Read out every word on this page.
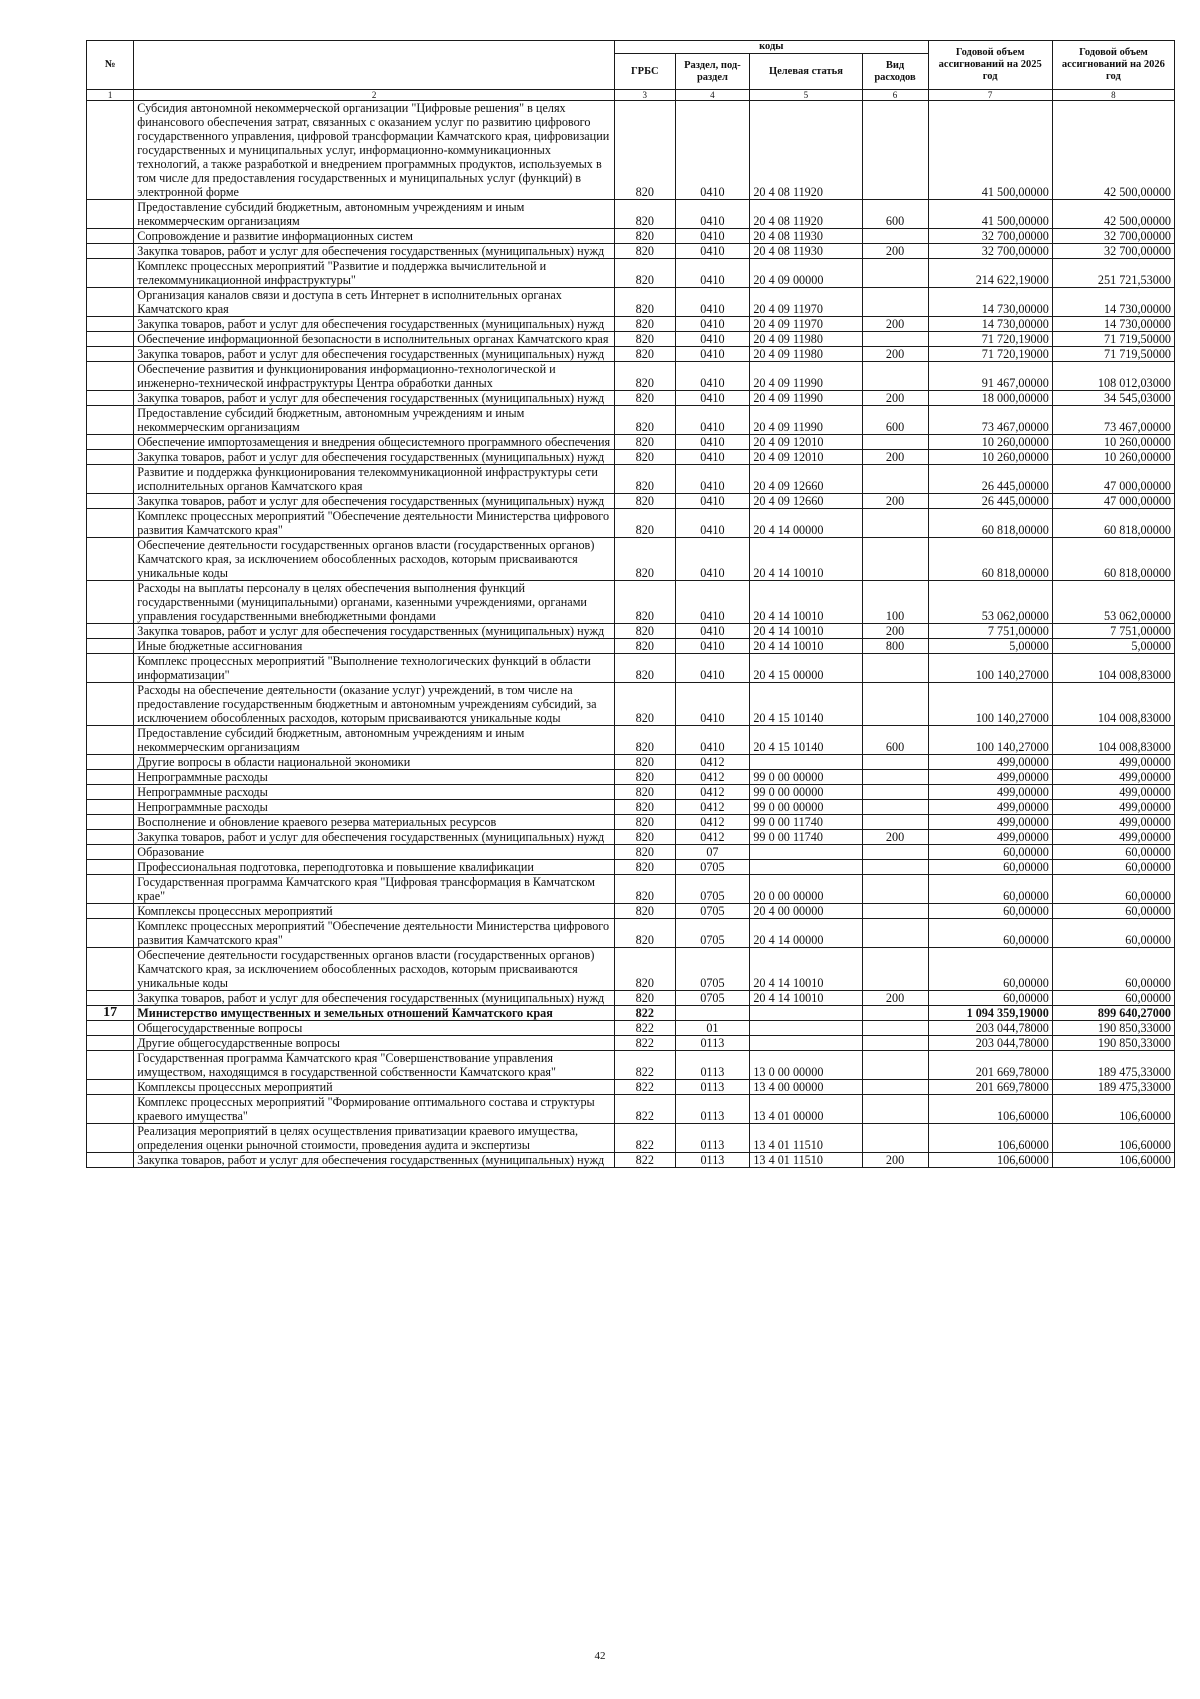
№		коды				Годовой объем ассигнований на 2025 год	Годовой объем ассигнований на 2026 год
		ГРБС	Раздел, под-раздел	Целевая статья	Вид расходов		
1	2	3	4	5	6	7	8
	Субсидия автономной некоммерческой организации "Цифровые решения" в целях финансового обеспечения затрат, связанных с оказанием услуг по развитию цифрового государственного управления, цифровой трансформации Камчатского края, цифровизации государственных и муниципальных услуг, информационно-коммуникационных технологий, а также разработкой и внедрением программных продуктов, используемых в том числе для предоставления государственных и муниципальных услуг (функций) в электронной форме	820	0410	20 4 08 11920		41 500,00000	42 500,00000
	Предоставление субсидий бюджетным, автономным учреждениям и иным некоммерческим организациям	820	0410	20 4 08 11920	600	41 500,00000	42 500,00000
	Сопровождение и развитие информационных систем	820	0410	20 4 08 11930		32 700,00000	32 700,00000
	Закупка товаров, работ и услуг для обеспечения государственных (муниципальных) нужд	820	0410	20 4 08 11930	200	32 700,00000	32 700,00000
	Комплекс процессных мероприятий "Развитие и поддержка вычислительной и телекоммуникационной инфраструктуры"	820	0410	20 4 09 00000		214 622,19000	251 721,53000
	Организация каналов связи и доступа в сеть Интернет в исполнительных органах Камчатского края	820	0410	20 4 09 11970		14 730,00000	14 730,00000
	Закупка товаров, работ и услуг для обеспечения государственных (муниципальных) нужд	820	0410	20 4 09 11970	200	14 730,00000	14 730,00000
	Обеспечение информационной безопасности в исполнительных органах Камчатского края	820	0410	20 4 09 11980		71 720,19000	71 719,50000
	Закупка товаров, работ и услуг для обеспечения государственных (муниципальных) нужд	820	0410	20 4 09 11980	200	71 720,19000	71 719,50000
	Обеспечение развития и функционирования информационно-технологической и инженерно-технической инфраструктуры Центра обработки данных	820	0410	20 4 09 11990		91 467,00000	108 012,03000
	Закупка товаров, работ и услуг для обеспечения государственных (муниципальных) нужд	820	0410	20 4 09 11990	200	18 000,00000	34 545,03000
	Предоставление субсидий бюджетным, автономным учреждениям и иным некоммерческим организациям	820	0410	20 4 09 11990	600	73 467,00000	73 467,00000
	Обеспечение импортозамещения и внедрения общесистемного программного обеспечения	820	0410	20 4 09 12010		10 260,00000	10 260,00000
	Закупка товаров, работ и услуг для обеспечения государственных (муниципальных) нужд	820	0410	20 4 09 12010	200	10 260,00000	10 260,00000
	Развитие и поддержка функционирования телекоммуникационной инфраструктуры сети исполнительных органов Камчатского края	820	0410	20 4 09 12660		26 445,00000	47 000,00000
	Закупка товаров, работ и услуг для обеспечения государственных (муниципальных) нужд	820	0410	20 4 09 12660	200	26 445,00000	47 000,00000
	Комплекс процессных мероприятий "Обеспечение деятельности Министерства цифрового развития Камчатского края"	820	0410	20 4 14 00000		60 818,00000	60 818,00000
	Обеспечение деятельности государственных органов власти (государственных органов) Камчатского края, за исключением обособленных расходов, которым присваиваются уникальные коды	820	0410	20 4 14 10010		60 818,00000	60 818,00000
	Расходы на выплаты персоналу в целях обеспечения выполнения функций государственными (муниципальными) органами, казенными учреждениями, органами управления государственными внебюджетными фондами	820	0410	20 4 14 10010	100	53 062,00000	53 062,00000
	Закупка товаров, работ и услуг для обеспечения государственных (муниципальных) нужд	820	0410	20 4 14 10010	200	7 751,00000	7 751,00000
	Иные бюджетные ассигнования	820	0410	20 4 14 10010	800	5,00000	5,00000
	Комплекс процессных мероприятий "Выполнение технологических функций в области информатизации"	820	0410	20 4 15 00000		100 140,27000	104 008,83000
	Расходы на обеспечение деятельности (оказание услуг) учреждений, в том числе на предоставление государственным бюджетным и автономным учреждениям субсидий, за исключением обособленных расходов, которым присваиваются уникальные коды	820	0410	20 4 15 10140		100 140,27000	104 008,83000
	Предоставление субсидий бюджетным, автономным учреждениям и иным некоммерческим организациям	820	0410	20 4 15 10140	600	100 140,27000	104 008,83000
	Другие вопросы в области национальной экономики	820	0412			499,00000	499,00000
	Непрограммные расходы	820	0412	99 0 00 00000		499,00000	499,00000
	Непрограммные расходы	820	0412	99 0 00 00000		499,00000	499,00000
	Непрограммные расходы	820	0412	99 0 00 00000		499,00000	499,00000
	Восполнение и обновление краевого резерва материальных ресурсов	820	0412	99 0 00 11740		499,00000	499,00000
	Закупка товаров, работ и услуг для обеспечения государственных (муниципальных) нужд	820	0412	99 0 00 11740	200	499,00000	499,00000
	Образование	820	07			60,00000	60,00000
	Профессиональная подготовка, переподготовка и повышение квалификации	820	0705			60,00000	60,00000
	Государственная программа Камчатского края "Цифровая трансформация в Камчатском крае"	820	0705	20 0 00 00000		60,00000	60,00000
	Комплексы процессных мероприятий	820	0705	20 4 00 00000		60,00000	60,00000
	Комплекс процессных мероприятий "Обеспечение деятельности Министерства цифрового развития Камчатского края"	820	0705	20 4 14 00000		60,00000	60,00000
	Обеспечение деятельности государственных органов власти (государственных органов) Камчатского края, за исключением обособленных расходов, которым присваиваются уникальные коды	820	0705	20 4 14 10010		60,00000	60,00000
	Закупка товаров, работ и услуг для обеспечения государственных (муниципальных) нужд	820	0705	20 4 14 10010	200	60,00000	60,00000
17	Министерство имущественных и земельных отношений Камчатского края	822				1 094 359,19000	899 640,27000
	Общегосударственные вопросы	822	01			203 044,78000	190 850,33000
	Другие общегосударственные вопросы	822	0113			203 044,78000	190 850,33000
	Государственная программа Камчатского края "Совершенствование управления имуществом, находящимся в государственной собственности Камчатского края"	822	0113	13 0 00 00000		201 669,78000	189 475,33000
	Комплексы процессных мероприятий	822	0113	13 4 00 00000		201 669,78000	189 475,33000
	Комплекс процессных мероприятий "Формирование оптимального состава и структуры краевого имущества"	822	0113	13 4 01 00000		106,60000	106,60000
	Реализация мероприятий в целях осуществления приватизации краевого имущества, определения оценки рыночной стоимости, проведения аудита и экспертизы	822	0113	13 4 01 11510		106,60000	106,60000
	Закупка товаров, работ и услуг для обеспечения государственных (муниципальных) нужд	822	0113	13 4 01 11510	200	106,60000	106,60000
42
